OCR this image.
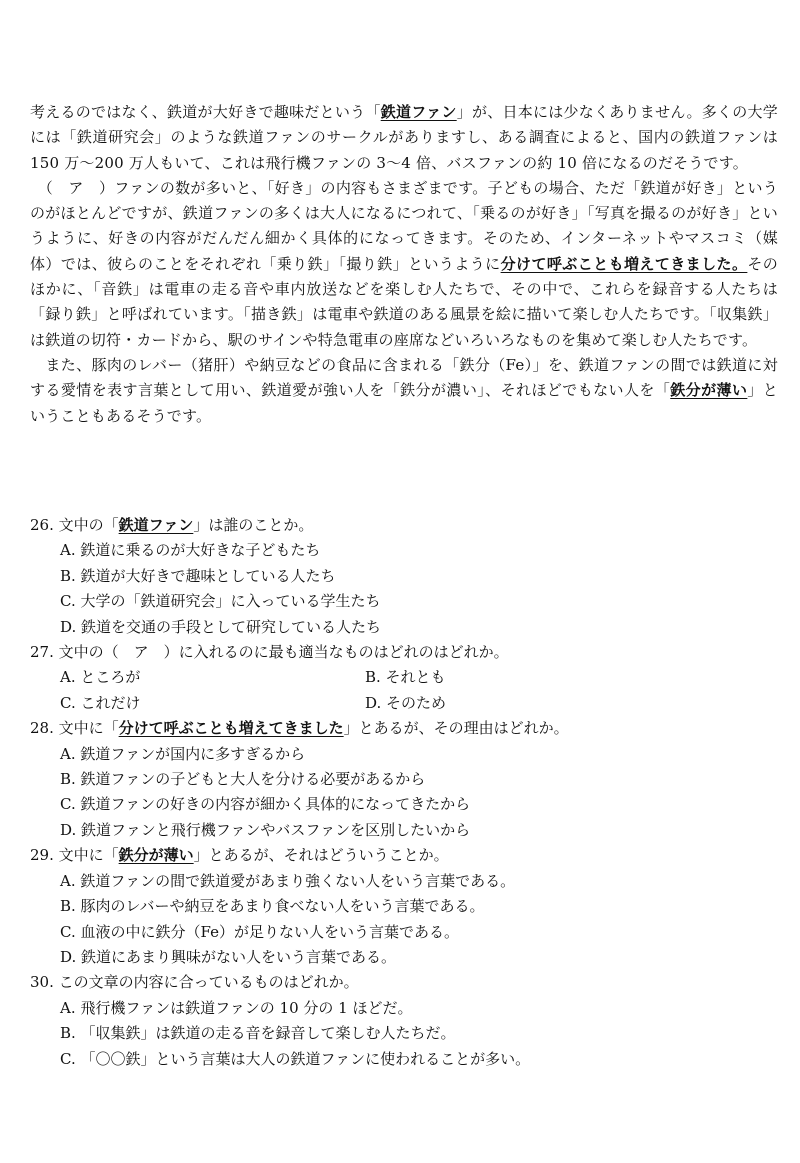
考えるのではなく、鉄道が大好きで趣味だという「鉄道ファン」が、日本には少なくありません。多くの大学には「鉄道研究会」のような鉄道ファンのサークルがありますし、ある調査によると、国内の鉄道ファンは 150 万〜200 万人もいて、これは飛行機ファンの 3〜4 倍、バスファンの約 10 倍になるのだそうです。

　（　ア　）ファンの数が多いと、「好き」の内容もさまざまです。子どもの場合、ただ「鉄道が好き」というのがほとんどですが、鉄道ファンの多くは大人になるにつれて、「乗るのが好き」「写真を撮るのが好き」というように、好きの内容がだんだん細かく具体的になってきます。そのため、インターネットやマスコミ（媒体）では、彼らのことをそれぞれ「乗り鉄」「撮り鉄」というように分けて呼ぶことも増えてきました。そのほかに、「音鉄」は電車の走る音や車内放送などを楽しむ人たちで、その中で、これらを録音する人たちは「録り鉄」と呼ばれています。「描き鉄」は電車や鉄道のある風景を絵に描いて楽しむ人たちです。「収集鉄」は鉄道の切符・カードから、駅のサインや特急電車の座席などいろいろなものを集めて楽しむ人たちです。

　また、豚肉のレバー（猪肝）や納豆などの食品に含まれる「鉄分（Fe）」を、鉄道ファンの間では鉄道に対する愛情を表す言葉として用い、鉄道愛が強い人を「鉄分が濃い」、それほどでもない人を「鉄分が薄い」ということもあるそうです。

26. 文中の「鉄道ファン」は誰のことか。
A. 鉄道に乗るのが大好きな子どもたち
B. 鉄道が大好きで趣味としている人たち
C. 大学の「鉄道研究会」に入っている学生たち
D. 鉄道を交通の手段として研究している人たち
27. 文中の（　ア　）に入れるのに最も適当なものはどれのはどれか。
A. ところが	B. それとも
C. これだけ	D. そのため
28. 文中に「分けて呼ぶことも増えてきました」とあるが、その理由はどれか。
A. 鉄道ファンが国内に多すぎるから
B. 鉄道ファンの子どもと大人を分ける必要があるから
C. 鉄道ファンの好きの内容が細かく具体的になってきたから
D. 鉄道ファンと飛行機ファンやバスファンを区別したいから
29. 文中に「鉄分が薄い」とあるが、それはどういうことか。
A. 鉄道ファンの間で鉄道愛があまり強くない人をいう言葉である。
B. 豚肉のレバーや納豆をあまり食べない人をいう言葉である。
C. 血液の中に鉄分（Fe）が足りない人をいう言葉である。
D. 鉄道にあまり興味がない人をいう言葉である。
30. この文章の内容に合っているものはどれか。
A. 飛行機ファンは鉄道ファンの 10 分の 1 ほどだ。
B. 「収集鉄」は鉄道の走る音を録音して楽しむ人たちだ。
C. 「〇〇鉄」という言葉は大人の鉄道ファンに使われることが多い。
